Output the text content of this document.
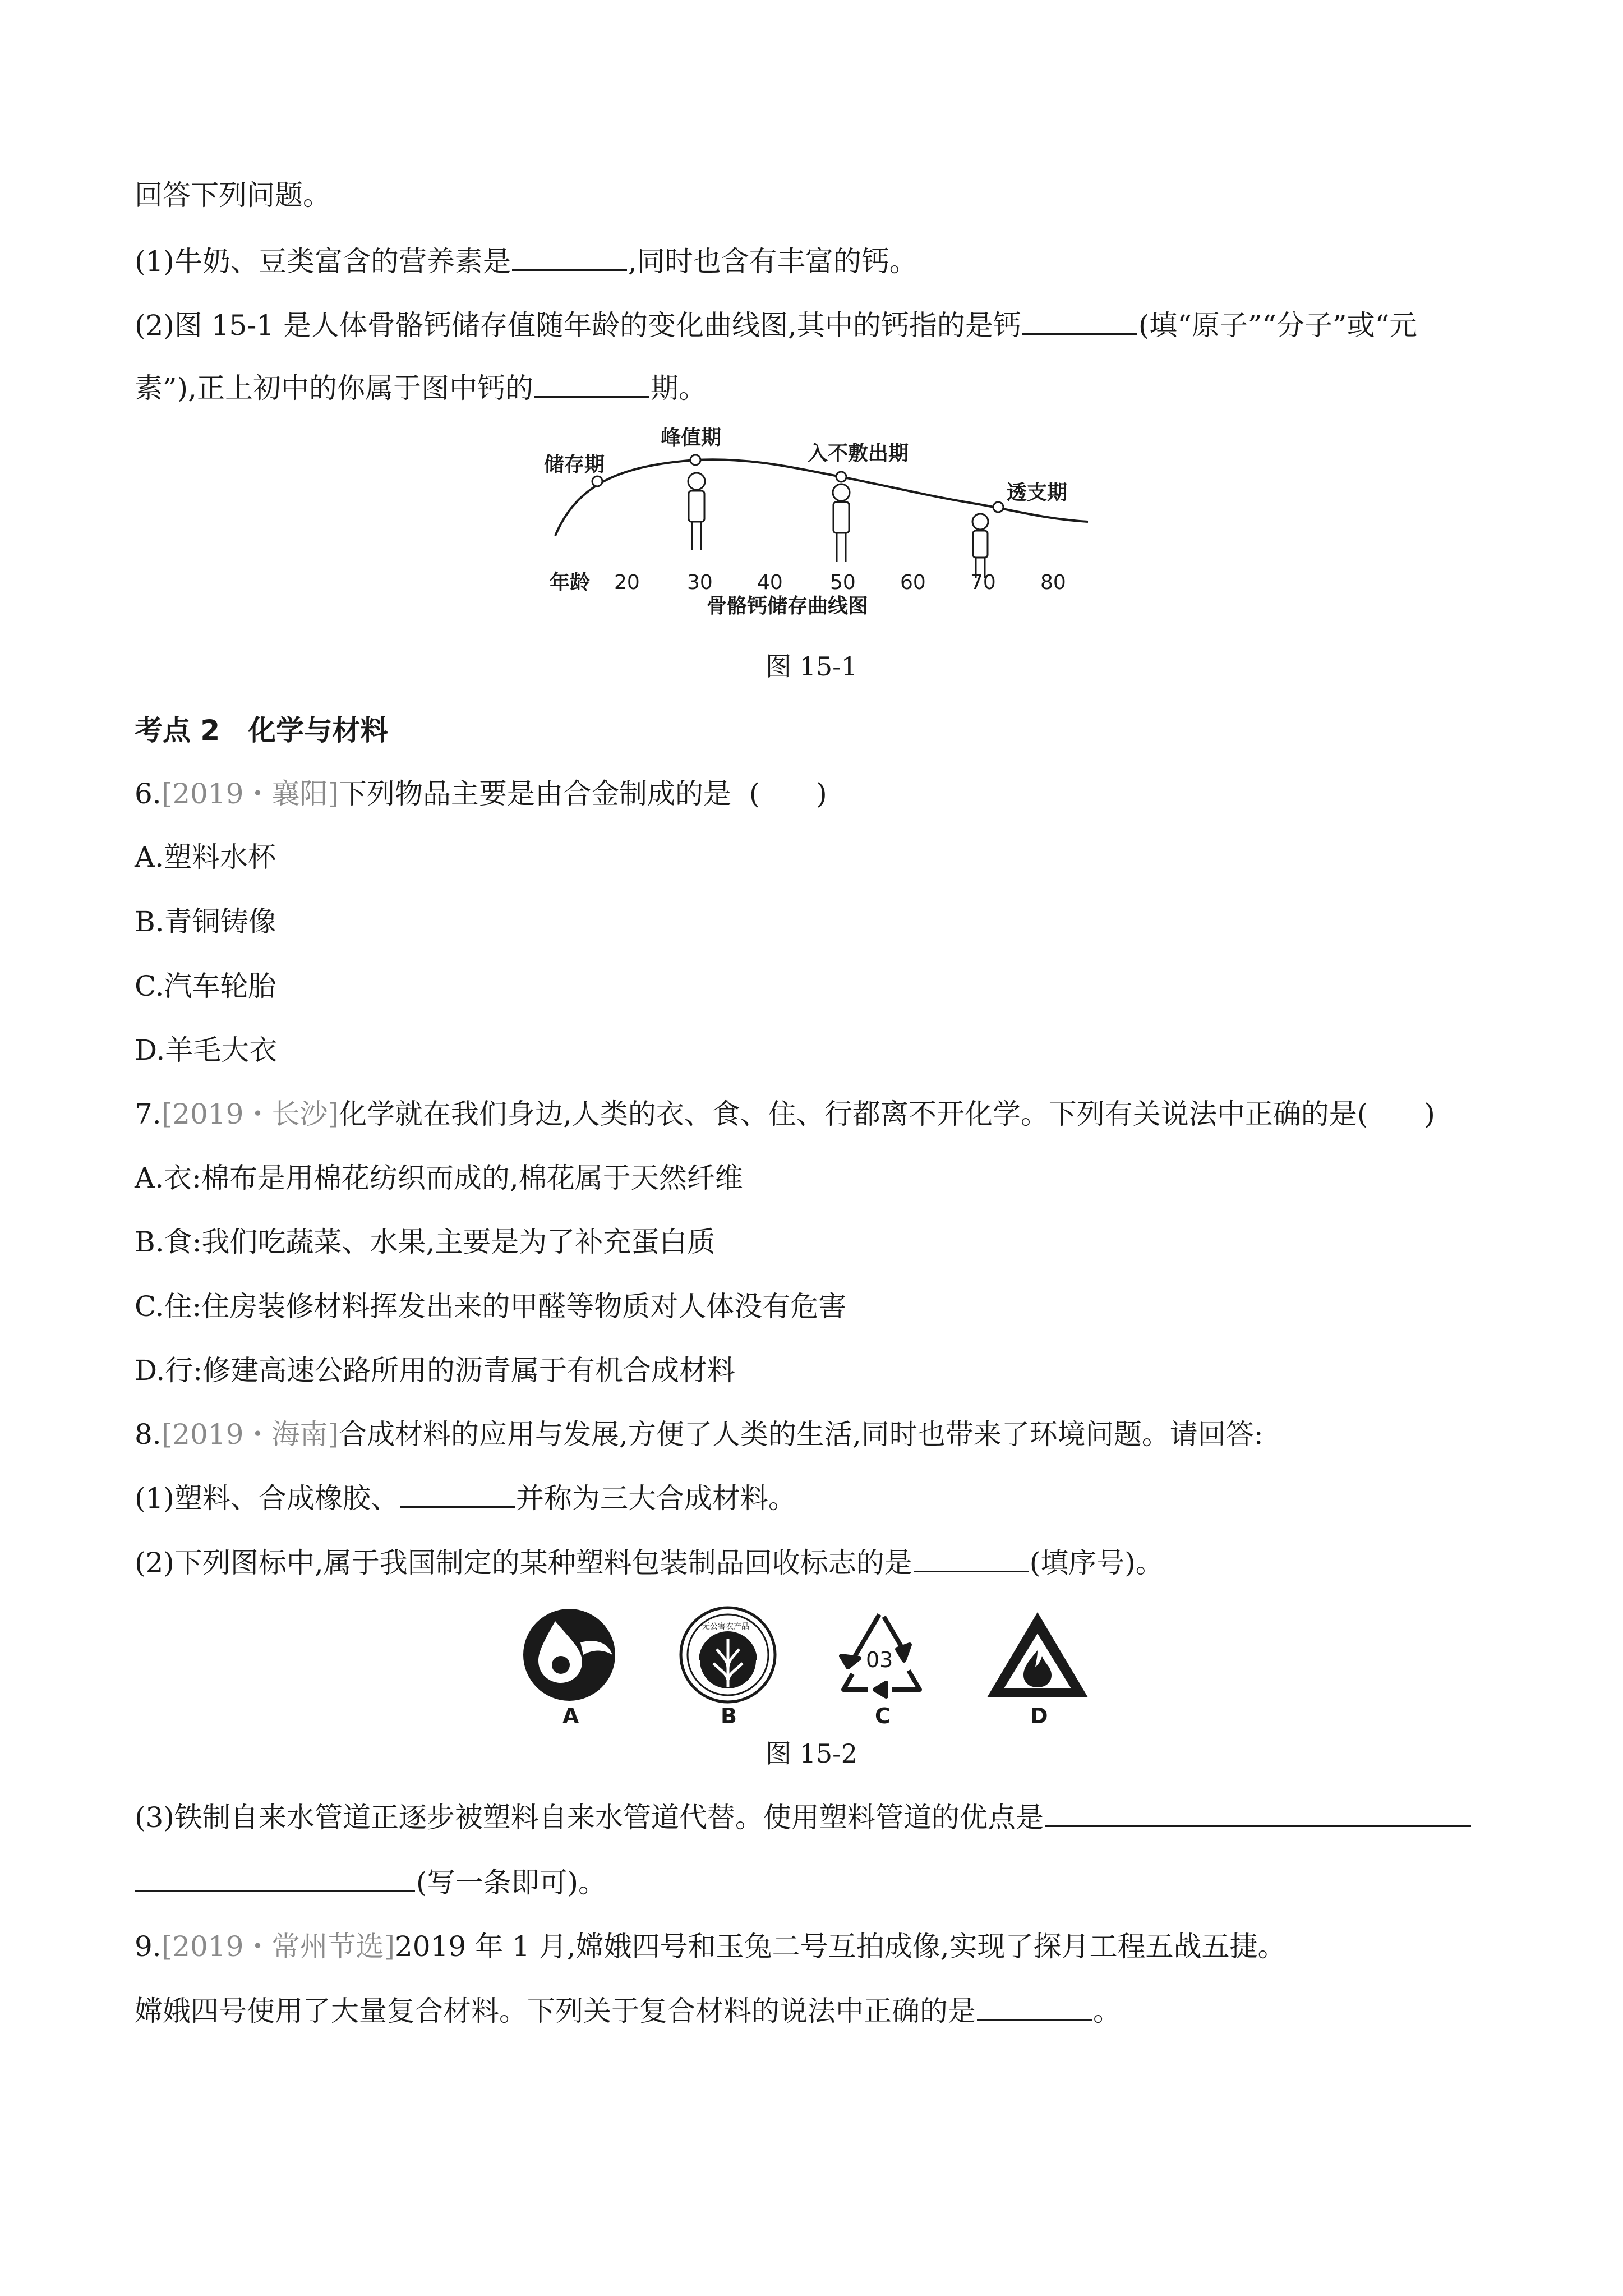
回答下列问题。
(1)牛奶、豆类富含的营养素是	,同时也含有丰富的钙。
(2)图 15-1 是人体骨骼钙储存值随年龄的变化曲线图,其中的钙指的是钙	(填“原子”“分子”或“元
素”),正上初中的你属于图中钙的	期。
储存期
峰值期
入不敷出期
透支期
年龄 20 30 40 50 60 70 80
骨骼钙储存曲线图
图 15-1
考点 2　化学与材料
6.[2019・襄阳]下列物品主要是由合金制成的是 (　　)
A.塑料水杯
B.青铜铸像
C.汽车轮胎
D.羊毛大衣
7.[2019・长沙]化学就在我们身边,人类的衣、食、住、行都离不开化学。下列有关说法中正确的是(　　)
A.衣:棉布是用棉花纺织而成的,棉花属于天然纤维
B.食:我们吃蔬菜、水果,主要是为了补充蛋白质
C.住:住房装修材料挥发出来的甲醛等物质对人体没有危害
D.行:修建高速公路所用的沥青属于有机合成材料
8.[2019・海南]合成材料的应用与发展,方便了人类的生活,同时也带来了环境问题。请回答:
(1)塑料、合成橡胶、	并称为三大合成材料。
(2)下列图标中,属于我国制定的某种塑料包装制品回收标志的是	(填序号)。
A
无公害农产品
B
03
C	D
图 15-2
(3)铁制自来水管道正逐步被塑料自来水管道代替。使用塑料管道的优点是
(写一条即可)。
9.[2019・常州节选]2019 年 1 月,嫦娥四号和玉兔二号互拍成像,实现了探月工程五战五捷。
嫦娥四号使用了大量复合材料。下列关于复合材料的说法中正确的是	。
